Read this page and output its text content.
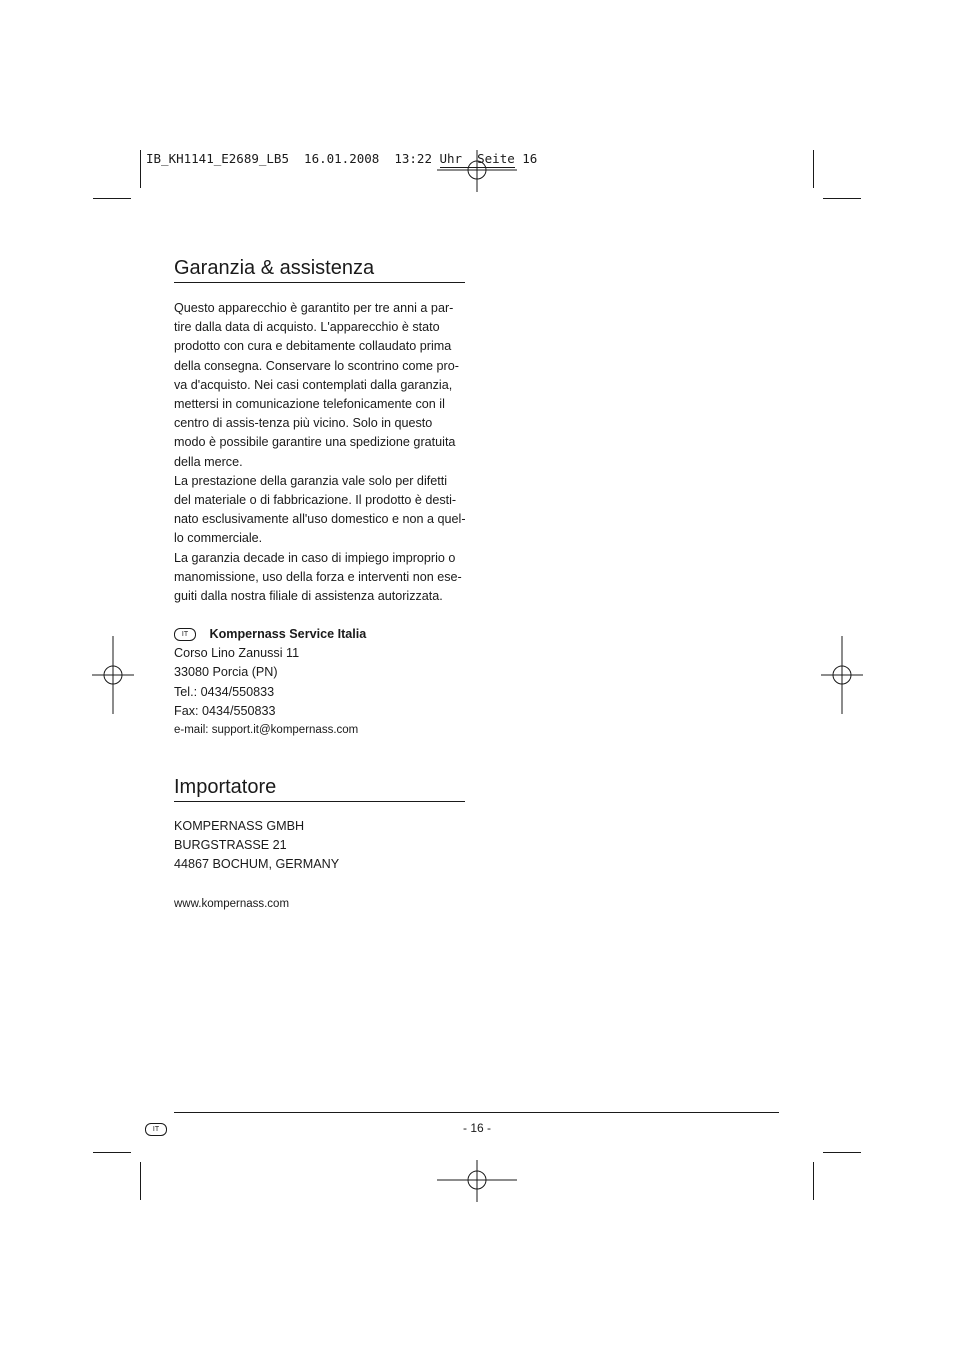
IB_KH1141_E2689_LB5  16.01.2008  13:22 Uhr  Seite 16
Garanzia & assistenza
Questo apparecchio è garantito per tre anni a par-
tire dalla data di acquisto. L'apparecchio è stato
prodotto con cura e debitamente collaudato prima
della consegna. Conservare lo scontrino come pro-
va d'acquisto. Nei casi contemplati dalla garanzia,
mettersi in comunicazione telefonicamente con il
centro di assis-tenza più vicino. Solo in questo
modo è possibile garantire una spedizione gratuita
della merce.
La prestazione della garanzia vale solo per difetti
del materiale o di fabbricazione. Il prodotto è desti-
nato esclusivamente all'uso domestico e non a quel-
lo commerciale.
La garanzia decade in caso di impiego improprio o
manomissione, uso della forza e interventi non ese-
guiti dalla nostra filiale di assistenza autorizzata.
IT Kompernass Service Italia
Corso Lino Zanussi 11
33080 Porcia (PN)
Tel.: 0434/550833
Fax: 0434/550833
e-mail: support.it@kompernass.com
Importatore
KOMPERNASS GMBH
BURGSTRASSE 21
44867 BOCHUM, GERMANY
www.kompernass.com
IT	- 16 -
